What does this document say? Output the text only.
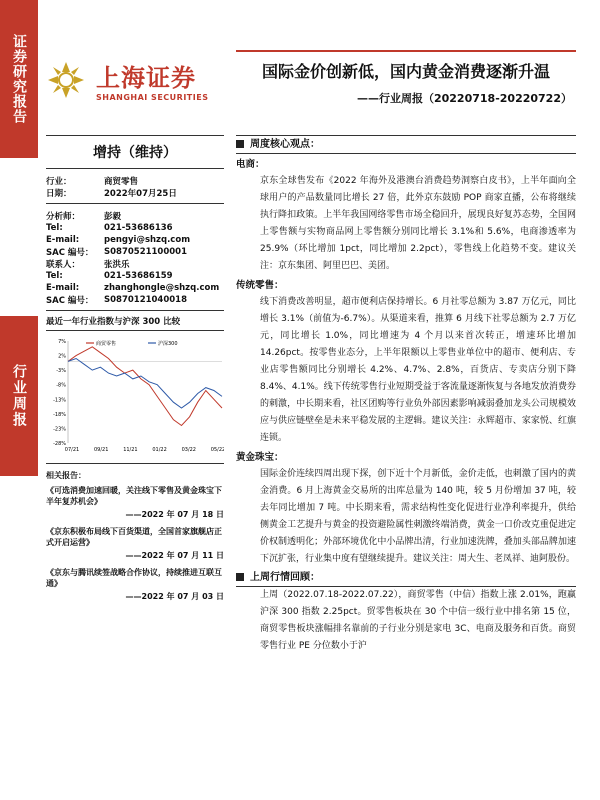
证券研究报告
行业周报
上海证券
SHANGHAI SECURITIES
国际金价创新低，国内黄金消费逐渐升温
——行业周报（20220718-20220722）
增持（维持）
行业：	商贸零售
日期：	2022年07月25日
分析师：	彭毅
Tel:	021-53686136
E-mail:	pengyi@shzq.com
SAC 编号：	S0870521100001
联系人：	张洪乐
Tel:	021-53686159
E-mail:	zhanghongle@shzq.com
SAC 编号：	S0870121040018
最近一年行业指数与沪深 300 比较
7%
2%
-3%
-8%
-13%
-18%
-23%
-28%
07/21	09/21	11/21	01/22	03/22	05/22
商贸零售	沪深300
相关报告：
《可选消费加速回暖，关注线下零售及黄金珠宝下半年复苏机会》
——2022 年 07 月 18 日
《京东积极布局线下百货渠道，全国首家旗舰店正式开启运营》
——2022 年 07 月 11 日
《京东与腾讯续签战略合作协议，持续推进互联互通》
——2022 年 07 月 03 日
周度核心观点：
电商：
京东全球售发布《2022 年海外及港澳台消费趋势洞察白皮书》，上半年面向全球用户的产品数量同比增长 27 倍，此外京东鼓励 POP 商家直播，公布将继续执行降扣政策。上半年我国网络零售市场全稳回升，展现良好复苏态势，全国网上零售额与实物商品网上零售额分别同比增长 3.1%和 5.6%，电商渗透率为 25.9%（环比增加 1pct，同比增加 2.2pct），零售线上化趋势不变。建议关注：京东集团、阿里巴巴、美团。
传统零售：
线下消费改善明显，超市便利店保持增长。6 月社零总额为 3.87 万亿元，同比增长 3.1%（前值为-6.7%）。从渠道来看，推算 6 月线下社零总额为 2.7 万亿元，同比增长 1.0%，同比增速为 4 个月以来首次转正，增速环比增加 14.26pct。按零售业态分，上半年限额以上零售业单位中的超市、便利店、专业店零售额同比分别增长 4.2%、4.7%、2.8%，百货店、专卖店分别下降 8.4%、4.1%。线下传统零售行业短期受益于客流量逐渐恢复与各地发放消费券的刺激，中长期来看，社区团购等行业负外部因素影响减弱叠加龙头公司规模效应与供应链壁垒是未来平稳发展的主逻辑。建议关注：永辉超市、家家悦、红旗连锁。
黄金珠宝：
国际金价连续四周出现下探，创下近十个月新低，金价走低，也刺激了国内的黄金消费。6 月上海黄金交易所的出库总量为 140 吨，较 5 月份增加 37 吨，较去年同比增加 7 吨。中长期来看，需求结构性变化促进行业净利率提升，供给侧黄金工艺提升与黄金的投资避险属性刺激终端消费，黄金一口价改克重促进定价权制透明化；外部环境优化中小品牌出清，行业加速洗牌，叠加头部品牌加速下沉扩张，行业集中度有望继续提升。建议关注：周大生、老凤祥、迪阿股份。
上周行情回顾：
上周（2022.07.18-2022.07.22），商贸零售（中信）指数上涨 2.01%，跑赢沪深 300 指数 2.25pct。贸零售板块在 30 个中信一级行业中排名第 15 位，商贸零售板块涨幅排名靠前的子行业分别是家电 3C、电商及服务和百货。商贸零售行业 PE 分位数小于沪
